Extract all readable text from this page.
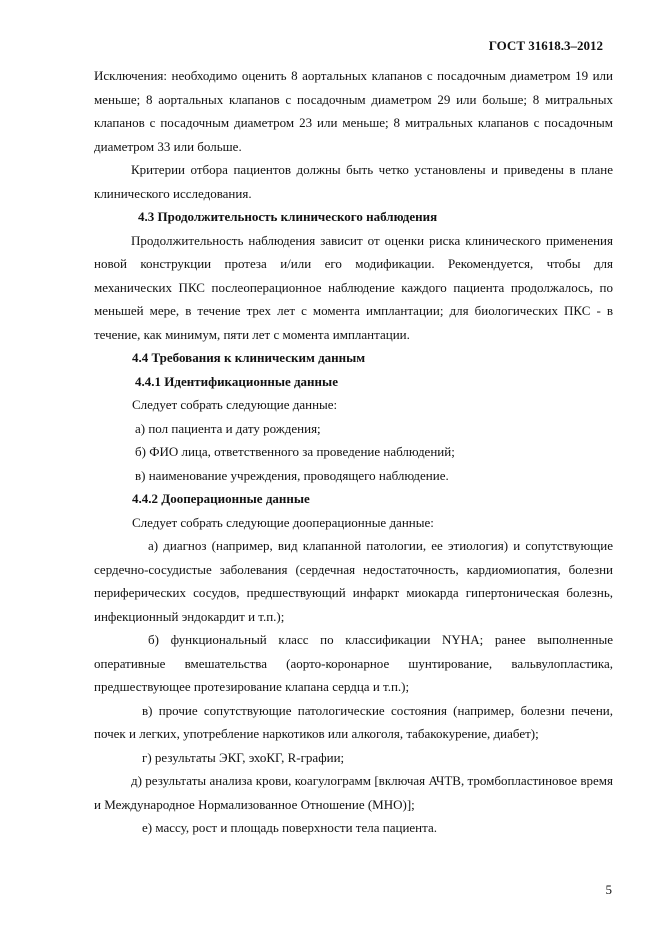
ГОСТ 31618.3–2012

Исключения: необходимо оценить 8 аортальных клапанов с посадочным диаметром 19 или меньше; 8 аортальных клапанов с посадочным диаметром 29 или больше; 8 митральных клапанов с посадочным диаметром 23 или меньше; 8 митральных клапанов с посадочным диаметром 33 или больше.

Критерии отбора пациентов должны быть четко установлены и приведены в плане клинического исследования.

4.3 Продолжительность клинического наблюдения

Продолжительность наблюдения зависит от оценки риска клинического применения новой конструкции протеза и/или его модификации. Рекомендуется, чтобы для механических ПКС послеоперационное наблюдение каждого пациента продолжалось, по меньшей мере, в течение трех лет с момента имплантации; для биологических ПКС - в течение, как минимум, пяти лет с момента имплантации.

4.4 Требования к клиническим данным

4.4.1 Идентификационные данные

Следует собрать следующие данные:

а) пол пациента и дату рождения;

б) ФИО лица, ответственного за проведение наблюдений;

в) наименование учреждения, проводящего наблюдение.

4.4.2 Дооперационные данные

Следует собрать следующие дооперационные данные:

а) диагноз (например, вид клапанной патологии, ее этиология) и сопутствующие сердечно-сосудистые заболевания (сердечная недостаточность, кардиомиопатия, болезни периферических сосудов, предшествующий инфаркт миокарда гипертоническая болезнь, инфекционный эндокардит и т.п.);

б) функциональный класс по классификации NYHA; ранее выполненные оперативные вмешательства (аорто-коронарное шунтирование, вальвулопластика, предшествующее протезирование клапана сердца и т.п.);

в) прочие сопутствующие патологические состояния (например, болезни печени, почек и легких, употребление наркотиков или алкоголя, табакокурение, диабет);

г) результаты ЭКГ, эхоКГ, R-графии;

д) результаты анализа крови, коагулограмм [включая АЧТВ, тромбопластиновое время и Международное Нормализованное Отношение (МНО)];

е) массу, рост и площадь поверхности тела пациента.

5
